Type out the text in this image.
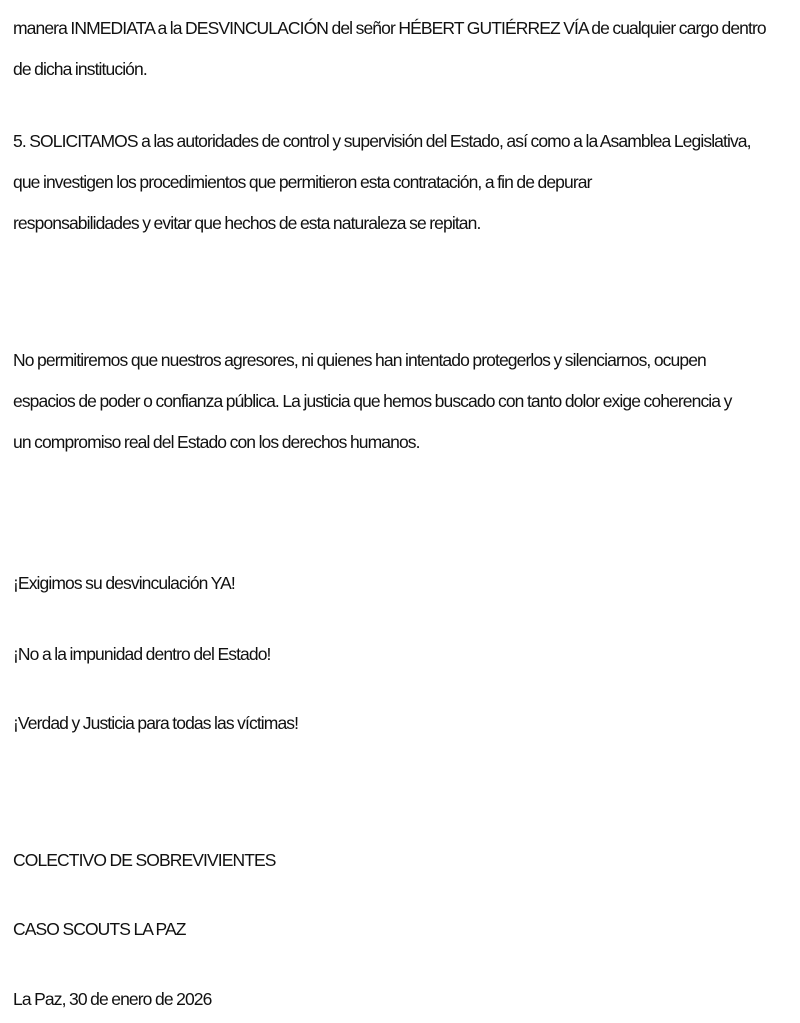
manera INMEDIATA a la DESVINCULACIÓN del señor HÉBERT GUTIÉRREZ VÍA de cualquier cargo dentro
de dicha institución.
5. SOLICITAMOS a las autoridades de control y supervisión del Estado, así como a la Asamblea Legislativa,
que investigen los procedimientos que permitieron esta contratación, a fin de depurar
responsabilidades y evitar que hechos de esta naturaleza se repitan.
No permitiremos que nuestros agresores, ni quienes han intentado protegerlos y silenciarnos, ocupen
espacios de poder o confianza pública. La justicia que hemos buscado con tanto dolor exige coherencia y
un compromiso real del Estado con los derechos humanos.

¡Exigimos su desvinculación YA!

¡No a la impunidad dentro del Estado!

¡Verdad y Justicia para todas las víctimas!

COLECTIVO DE SOBREVIVIENTES

CASO SCOUTS LA PAZ

La Paz, 30 de enero de 2026
